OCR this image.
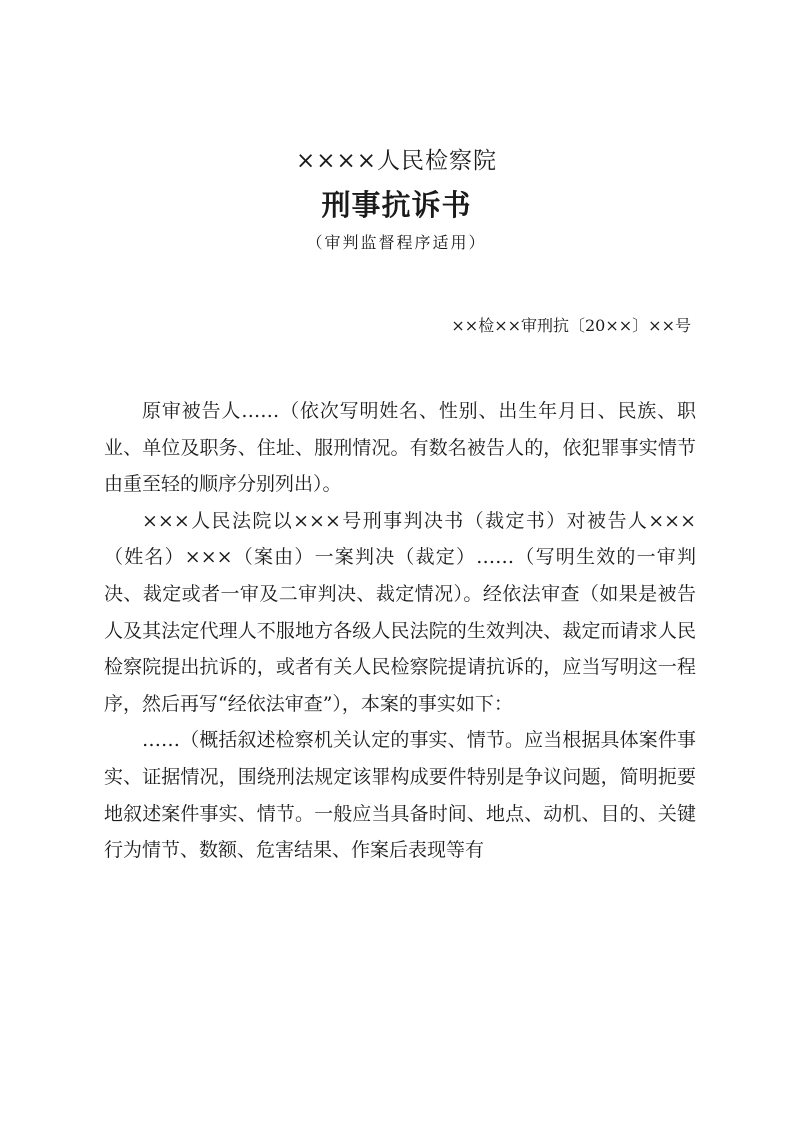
××××人民检察院
刑事抗诉书
（审判监督程序适用）
××检××审刑抗〔20××〕××号

原审被告人……（依次写明姓名、性别、出生年月日、民族、职业、单位及职务、住址、服刑情况。有数名被告人的，依犯罪事实情节由重至轻的顺序分别列出）。

×××人民法院以×××号刑事判决书（裁定书）对被告人×××（姓名）×××（案由）一案判决（裁定）……（写明生效的一审判决、裁定或者一审及二审判决、裁定情况）。经依法审查（如果是被告人及其法定代理人不服地方各级人民法院的生效判决、裁定而请求人民检察院提出抗诉的，或者有关人民检察院提请抗诉的，应当写明这一程序，然后再写“经依法审查”），本案的事实如下：

……（概括叙述检察机关认定的事实、情节。应当根据具体案件事实、证据情况，围绕刑法规定该罪构成要件特别是争议问题，简明扼要地叙述案件事实、情节。一般应当具备时间、地点、动机、目的、关键行为情节、数额、危害结果、作案后表现等有
